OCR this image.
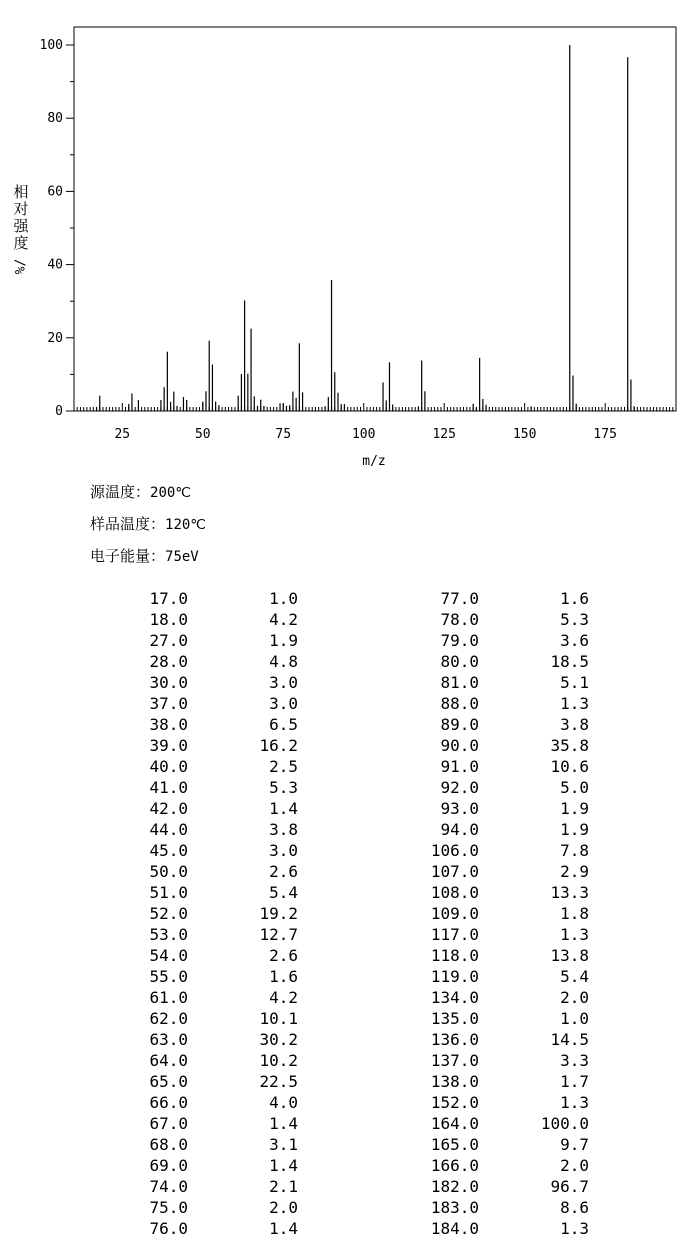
25	50	75	100	125	150	175
0
20
40
60
80
100
m/z
相
对
强
度
%/
源温度：200℃
样品温度：120℃
电子能量：75eV
17.0	1.0
18.0	4.2
27.0	1.9
28.0	4.8
30.0	3.0
37.0	3.0
38.0	6.5
39.0	16.2
40.0	2.5
41.0	5.3
42.0	1.4
44.0	3.8
45.0	3.0
50.0	2.6
51.0	5.4
52.0	19.2
53.0	12.7
54.0	2.6
55.0	1.6
61.0	4.2
62.0	10.1
63.0	30.2
64.0	10.2
65.0	22.5
66.0	4.0
67.0	1.4
68.0	3.1
69.0	1.4
74.0	2.1
75.0	2.0
76.0	1.4
77.0	1.6
78.0	5.3
79.0	3.6
80.0	18.5
81.0	5.1
88.0	1.3
89.0	3.8
90.0	35.8
91.0	10.6
92.0	5.0
93.0	1.9
94.0	1.9
106.0	7.8
107.0	2.9
108.0	13.3
109.0	1.8
117.0	1.3
118.0	13.8
119.0	5.4
134.0	2.0
135.0	1.0
136.0	14.5
137.0	3.3
138.0	1.7
152.0	1.3
164.0	100.0
165.0	9.7
166.0	2.0
182.0	96.7
183.0	8.6
184.0	1.3
